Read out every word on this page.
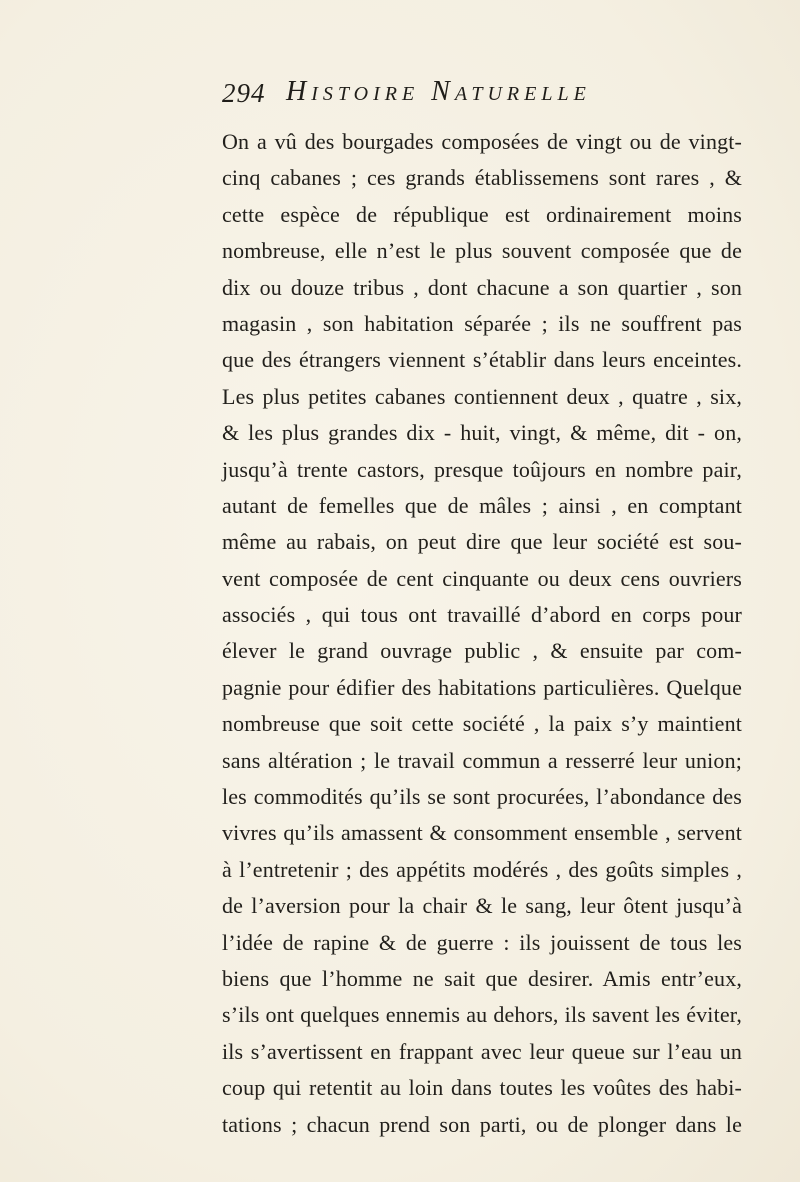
294 Histoire Naturelle
On a vû des bourgades composées de vingt ou de vingt-
cinq cabanes ; ces grands établissemens sont rares , &
cette espèce de république est ordinairement moins
nombreuse, elle n’est le plus souvent composée que de
dix ou douze tribus , dont chacune a son quartier , son
magasin , son habitation séparée ; ils ne souffrent pas
que des étrangers viennent s’établir dans leurs enceintes.
Les plus petites cabanes contiennent deux , quatre , six,
& les plus grandes dix - huit, vingt, & même, dit - on,
jusqu’à trente castors, presque toûjours en nombre pair,
autant de femelles que de mâles ; ainsi , en comptant
même au rabais, on peut dire que leur société est sou-
vent composée de cent cinquante ou deux cens ouvriers
associés , qui tous ont travaillé d’abord en corps pour
élever le grand ouvrage public , & ensuite par com-
pagnie pour édifier des habitations particulières. Quelque
nombreuse que soit cette société , la paix s’y maintient
sans altération ; le travail commun a resserré leur union;
les commodités qu’ils se sont procurées, l’abondance des
vivres qu’ils amassent & consomment ensemble , servent
à l’entretenir ; des appétits modérés , des goûts simples ,
de l’aversion pour la chair & le sang, leur ôtent jusqu’à
l’idée de rapine & de guerre : ils jouissent de tous les
biens que l’homme ne sait que desirer. Amis entr’eux,
s’ils ont quelques ennemis au dehors, ils savent les éviter,
ils s’avertissent en frappant avec leur queue sur l’eau un
coup qui retentit au loin dans toutes les voûtes des habi-
tations ; chacun prend son parti, ou de plonger dans le
